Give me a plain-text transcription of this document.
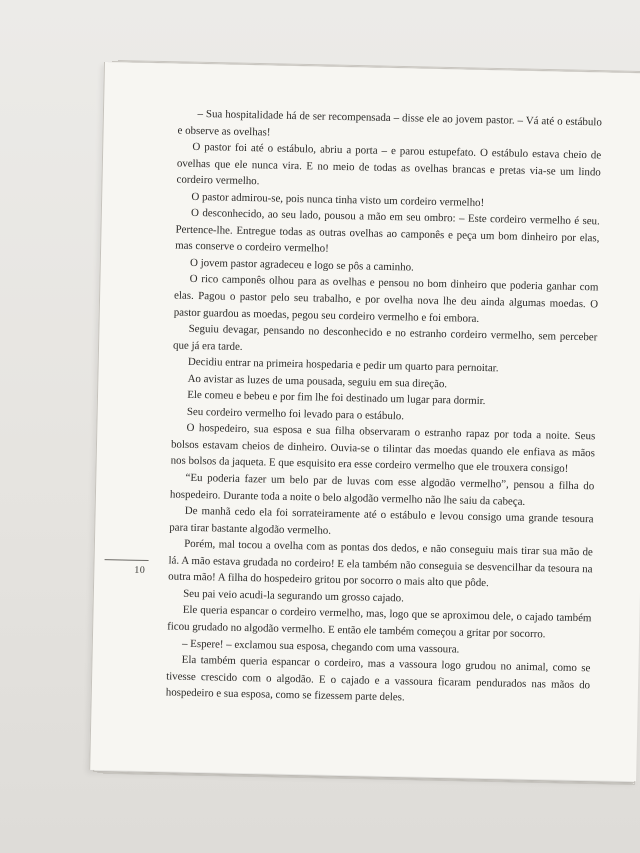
– Sua hospitalidade há de ser recompensada – disse ele ao jovem pastor. – Vá até o estábulo e observe as ovelhas!

O pastor foi até o estábulo, abriu a porta – e parou estupefato. O estábulo estava cheio de ovelhas que ele nunca vira. E no meio de todas as ovelhas brancas e pretas via-se um lindo cordeiro vermelho.

O pastor admirou-se, pois nunca tinha visto um cordeiro vermelho!

O desconhecido, ao seu lado, pousou a mão em seu ombro: – Este cordeiro vermelho é seu. Pertence-lhe. Entregue todas as outras ovelhas ao camponês e peça um bom dinheiro por elas, mas conserve o cordeiro vermelho!

O jovem pastor agradeceu e logo se pôs a caminho.

O rico camponês olhou para as ovelhas e pensou no bom dinheiro que poderia ganhar com elas. Pagou o pastor pelo seu trabalho, e por ovelha nova lhe deu ainda algumas moedas. O pastor guardou as moedas, pegou seu cordeiro vermelho e foi embora.

Seguiu devagar, pensando no desconhecido e no estranho cordeiro vermelho, sem perceber que já era tarde.

Decidiu entrar na primeira hospedaria e pedir um quarto para pernoitar.

Ao avistar as luzes de uma pousada, seguiu em sua direção.

Ele comeu e bebeu e por fim lhe foi destinado um lugar para dormir.

Seu cordeiro vermelho foi levado para o estábulo.

O hospedeiro, sua esposa e sua filha observaram o estranho rapaz por toda a noite. Seus bolsos estavam cheios de dinheiro. Ouvia-se o tilintar das moedas quando ele enfiava as mãos nos bolsos da jaqueta. E que esquisito era esse cordeiro vermelho que ele trouxera consigo!

“Eu poderia fazer um belo par de luvas com esse algodão vermelho”, pensou a filha do hospedeiro. Durante toda a noite o belo algodão vermelho não lhe saiu da cabeça.

De manhã cedo ela foi sorrateiramente até o estábulo e levou consigo uma grande tesoura para tirar bastante algodão vermelho.

Porém, mal tocou a ovelha com as pontas dos dedos, e não conseguiu mais tirar sua mão de lá. A mão estava grudada no cordeiro! E ela também não conseguia se desvencilhar da tesoura na outra mão! A filha do hospedeiro gritou por socorro o mais alto que pôde.

Seu pai veio acudi-la segurando um grosso cajado.

Ele queria espancar o cordeiro vermelho, mas, logo que se aproximou dele, o cajado também ficou grudado no algodão vermelho. E então ele também começou a gritar por socorro.

– Espere! – exclamou sua esposa, chegando com uma vassoura.

Ela também queria espancar o cordeiro, mas a vassoura logo grudou no animal, como se tivesse crescido com o algodão. E o cajado e a vassoura ficaram pendurados nas mãos do hospedeiro e sua esposa, como se fizessem parte deles.

10
